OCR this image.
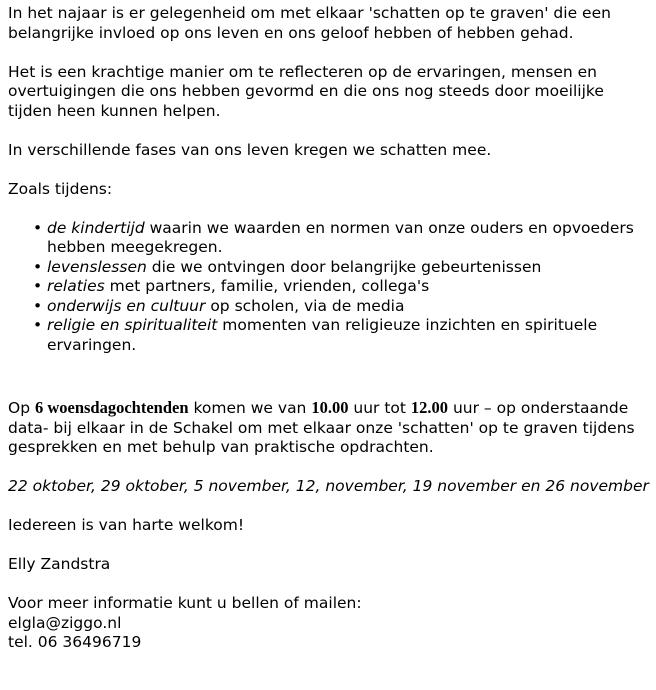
In het najaar is er gelegenheid om met elkaar 'schatten op te graven' die een belangrijke invloed op ons leven en ons geloof hebben of hebben gehad.

Het is een krachtige manier om te reflecteren op de ervaringen, mensen en overtuigingen die ons hebben gevormd en die ons nog steeds door moeilijke tijden heen kunnen helpen.

In verschillende fases van ons leven kregen we schatten mee.

Zoals tijdens:

• de kindertijd waarin we waarden en normen van onze ouders en opvoeders hebben meegekregen.
• levenslessen die we ontvingen door belangrijke gebeurtenissen
• relaties met partners, familie, vrienden, collega's
• onderwijs en cultuur op scholen, via de media
• religie en spiritualiteit momenten van religieuze inzichten en spirituele ervaringen.

Op 6 woensdagochtenden komen we van 10.00 uur tot 12.00 uur – op onderstaande data- bij elkaar in de Schakel om met elkaar onze 'schatten' op te graven tijdens gesprekken en met behulp van praktische opdrachten.

22 oktober, 29 oktober, 5 november, 12, november, 19 november en 26 november

Iedereen is van harte welkom!

Elly Zandstra

Voor meer informatie kunt u bellen of mailen:

elgla@ziggo.nl

tel. 06 36496719
